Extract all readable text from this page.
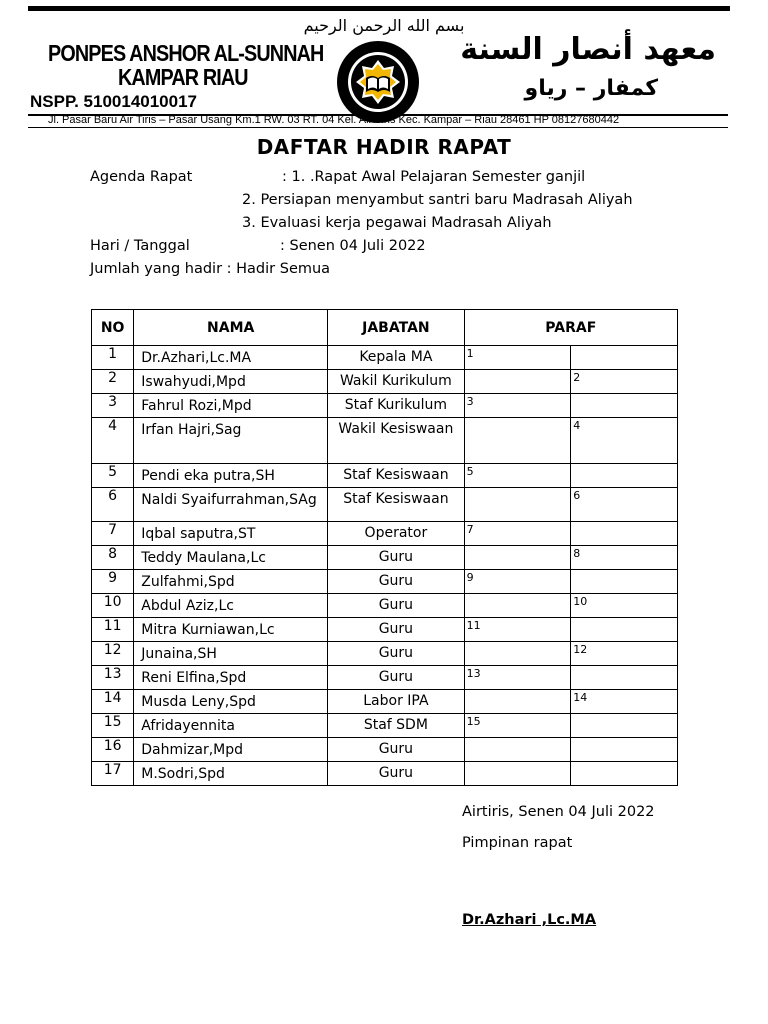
بسم الله الرحمن الرحيم
PONPES ANSHOR AL-SUNNAH
KAMPAR RIAU
NSPP. 510014010017
معهد أنصار السنة
كمفار – رياو
Jl. Pasar Baru Air Tiris – Pasar Usang Km.1 RW. 03 RT. 04 Kel. Air Tiris Kec. Kampar – Riau 28461 HP 08127680442
DAFTAR HADIR RAPAT
Agenda Rapat	: 1. .Rapat Awal Pelajaran Semester ganjil
2. Persiapan menyambut santri baru Madrasah Aliyah
3. Evaluasi kerja pegawai Madrasah Aliyah
Hari / Tanggal	: Senen 04 Juli 2022
Jumlah yang hadir : Hadir Semua
NO	NAMA	JABATAN	PARAF	

1	Dr.Azhari,Lc.MA	Kepala MA	1	

2	Iswahyudi,Mpd	Wakil Kurikulum		2

3	Fahrul Rozi,Mpd	Staf Kurikulum	3	

4	Irfan Hajri,Sag	Wakil Kesiswaan		4

5	Pendi eka putra,SH	Staf Kesiswaan	5	

6	Naldi Syaifurrahman,SAg	Staf Kesiswaan		6

7	Iqbal saputra,ST	Operator	7	

8	Teddy Maulana,Lc	Guru		8

9	Zulfahmi,Spd	Guru	9	

10	Abdul Aziz,Lc	Guru		10

11	Mitra Kurniawan,Lc	Guru	11	

12	Junaina,SH	Guru		12

13	Reni Elfina,Spd	Guru	13	

14	Musda Leny,Spd	Labor IPA		14

15	Afridayennita	Staf SDM	15	

16	Dahmizar,Mpd	Guru		

17	M.Sodri,Spd	Guru		

Airtiris, Senen 04 Juli 2022
Pimpinan rapat
Dr.Azhari ,Lc.MA
